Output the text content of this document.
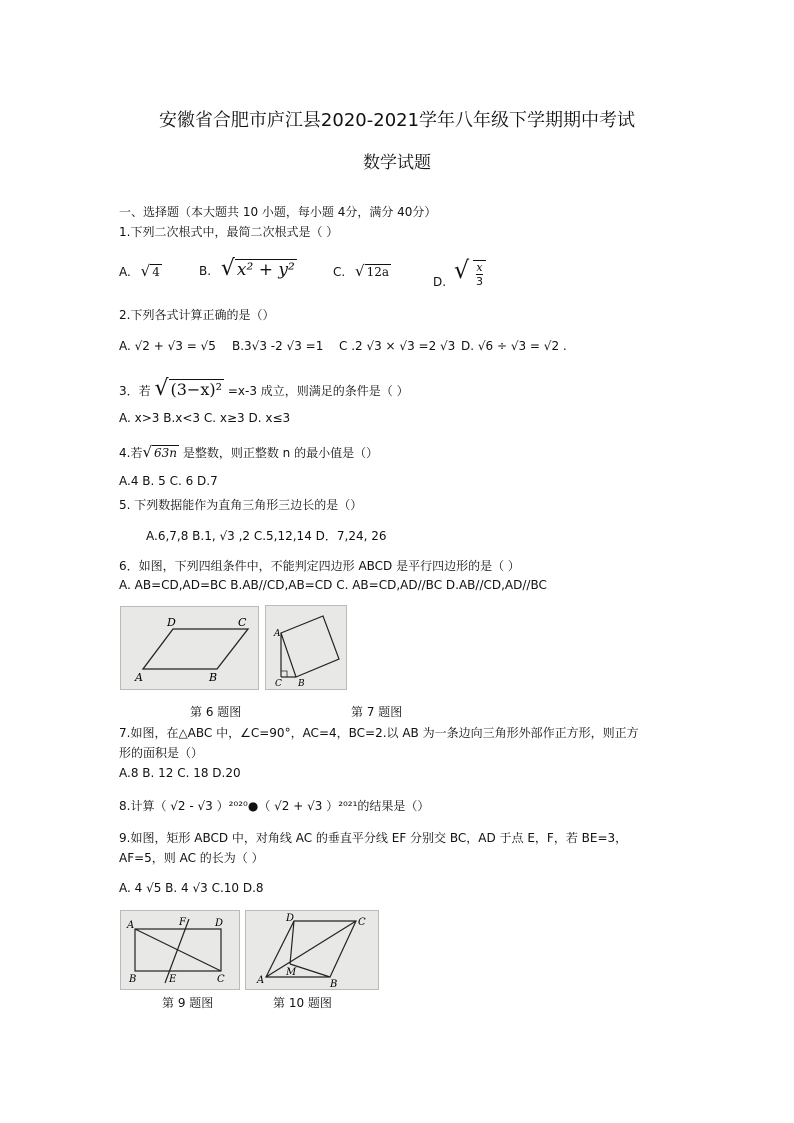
安徽省合肥市庐江县2020-2021学年八年级下学期期中考试
数学试题
一、选择题（本大题共 10 小题，每小题 4分，满分 40分）
1.下列二次根式中，最简二次根式是（ ）
A. √ 4	B. √ x² + y²	C. √ 12a
D. √ $\frac{x}{3}$
2.下列各式计算正确的是（）
A. √2 + √3 = √5 B.3√3 -2 √3 =1 C .2 √3 × √3 =2 √3 D. √6 ÷ √3 = √2 .
3．若 √ (3−x)² =x-3 成立，则满足的条件是（ ）
A. x>3 B.x<3 C. x≥3 D. x≤3
4.若√ 63n 是整数，则正整数 n 的最小值是（）
A.4 B. 5 C. 6 D.7
5. 下列数据能作为直角三角形三边长的是（）
A.6,7,8 B.1, √3 ,2 C.5,12,14 D．7,24, 26
6．如图，下列四组条件中，不能判定四边形 ABCD 是平行四边形的是（ ）
A. AB=CD,AD=BC B.AB//CD,AB=CD C. AB=CD,AD//BC D.AB//CD,AD//BC
D	C
A	B
第 6 题图
A
C B
第 7 题图
7.如图，在△ABC 中，∠C=90°，AC=4，BC=2.以 AB 为一条边向三角形外部作正方形，则正方
形的面积是（）
A.8 B. 12 C. 18 D.20
8.计算（ √2 - √3 ）²⁰²⁰●（ √2 + √3 ）²⁰²¹的结果是（）
9.如图，矩形 ABCD 中，对角线 AC 的垂直平分线 EF 分别交 BC，AD 于点 E，F，若 BE=3，
AF=5，则 AC 的长为（ ）
A. 4 √5 B. 4 √3 C.10 D.8
A	F	D
B	E	C
第 9 题图
D	C
M
A	B
第 10 题图
